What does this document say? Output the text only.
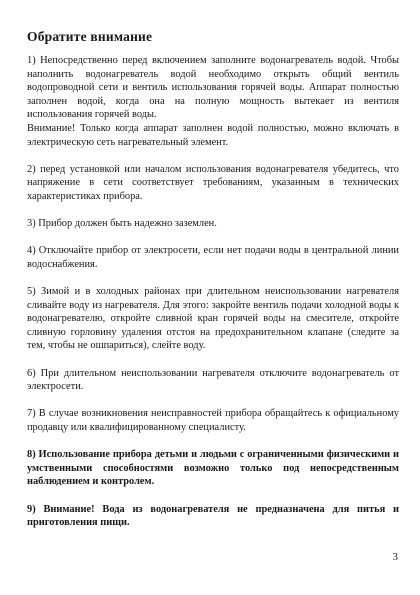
Обратите внимание

1) Непосредственно перед включением заполните водонагреватель водой. Чтобы наполнить водонагреватель водой необходимо открыть общий вентиль водопроводной сети и вентиль использования горячей воды. Аппарат полностью заполнен водой, когда она на полную мощность вытекает из вентиля использования горячей воды.

Внимание! Только когда аппарат заполнен водой полностью, можно включать в электрическую сеть нагревательный элемент.

2) перед установкой или началом использования водонагревателя убедитесь, что напряжение в сети соответствует требованиям, указанным в технических характеристиках прибора.

3) Прибор должен быть надежно заземлен.

4) Отключайте прибор от электросети, если нет подачи воды в центральной линии водоснабжения.

5) Зимой и в холодных районах при длительном неиспользовании нагревателя сливайте воду из нагревателя. Для этого: закройте вентиль подачи холодной воды к водонагревателю, откройте сливной кран горячей воды на смесителе, откройте сливную горловину удаления отстоя на предохранительном клапане (следите за тем, чтобы не ошпариться), слейте воду.

6) При длительном неиспользовании нагревателя отключите водонагреватель от электросети.

7) В случае возникновения неисправностей прибора обращайтесь к официальному продавцу или квалифицированному специалисту.

8) Использование прибора детьми и людьми с ограниченными физическими и умственными способностями возможно только под непосредственным наблюдением и контролем.

9) Внимание! Вода из водонагревателя не предназначена для питья и приготовления пищи.

3
